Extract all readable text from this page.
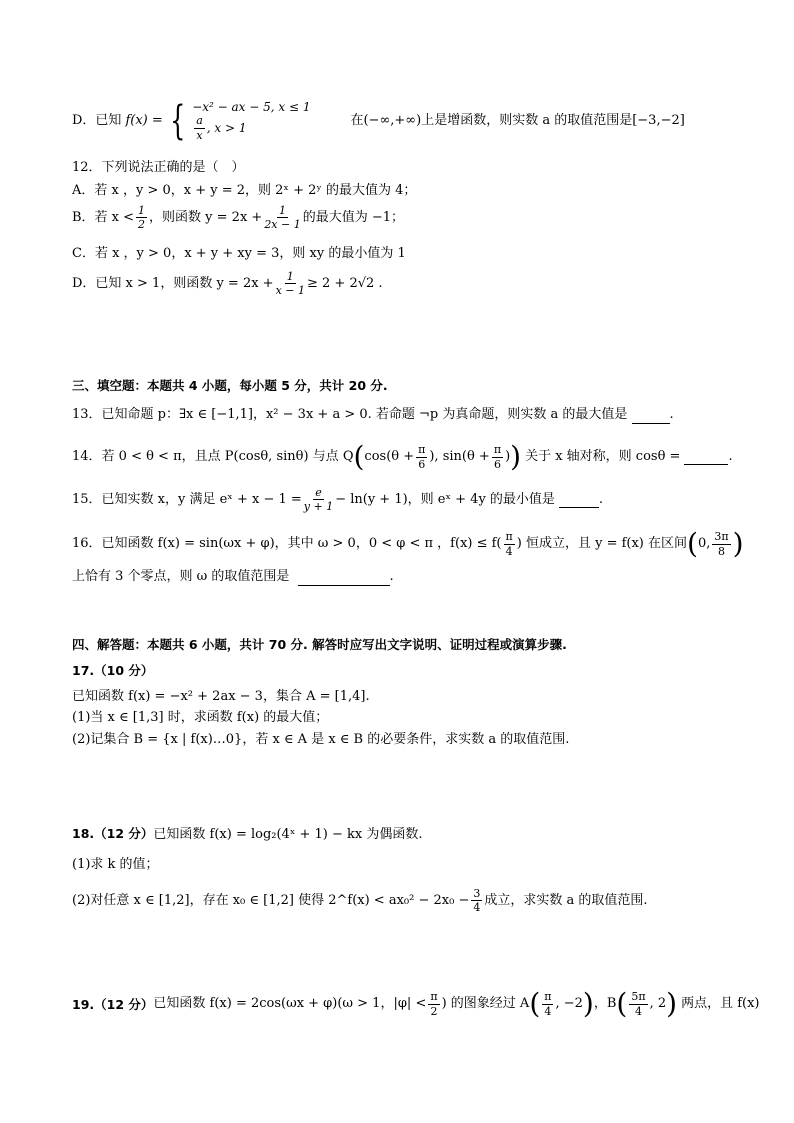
D．已知 f(x) = { −x² − ax − 5, x ≤ 1
$\frac{a}{x}$ , x > 1	在(−∞,+∞)上是增函数，则实数 a 的取值范围是[−3,−2]
12．下列说法正确的是（　）
A．若 x ，y > 0，x + y = 2，则 2ˣ + 2ʸ 的最大值为 4；
B．若 $x < \frac{1}{2}$ ，则函数 $y = 2x + \frac{1}{2x - 1}$ 的最大值为 −1；
C．若 x ，y > 0，x + y + xy = 3，则 xy 的最小值为 1
D．已知 x > 1，则函数 $y = 2x + \frac{1}{x - 1} \ge 2 + 2√2$ .
三、填空题：本题共 4 小题，每小题 5 分，共计 20 分.
13．已知命题 p：∃x ∈ [−1,1]，x² − 3x + a > 0. 若命题 ¬p 为真命题，则实数 a 的最大值是	.
14．若 0 < θ < π，且点 P(cosθ, sinθ) 与点 Q ( $\cos(\theta + \frac{\pi}{6}$ ), $\sin(\theta + \frac{\pi}{6}$ ) ) 关于 x 轴对称，则 cosθ =
	.
15．已知实数 x，y 满足 eˣ + $x - 1 = \frac{e}{y + 1} - \ln(y + 1)$，则 eˣ + 4y 的最小值是
	.
16．已知函数 f(x) = sin(ωx + φ)，其中 ω > 0，0 < φ < π ，$f(x) \le f( \frac{\pi}{4}$ ) 恒成立，且 y = f(x) 在区间 ( 0, $\frac{3\pi}{8}$ )
上恰有 3 个零点，则 ω 的取值范围是	.
四、解答题：本题共 6 小题，共计 70 分. 解答时应写出文字说明、证明过程或演算步骤.
17.（10 分）
已知函数 f(x) = −x² + 2ax − 3，集合 A = [1,4].
(1)当 x ∈ [1,3] 时，求函数 f(x) 的最大值；
(2)记集合 B = {x | f(x)…0}，若 x ∈ A 是 x ∈ B 的必要条件，求实数 a 的取值范围.
18.（12 分）已知函数 f(x) = log₂(4ˣ + 1) − kx 为偶函数.
(1)求 k 的值；
(2)对任意 x ∈ [1,2]，存在 x₀ ∈ [1,2] 使得 2^f(x) < $ax_0^2 - 2x_0 - \frac{3}{4}$ 成立，求实数 a 的取值范围.
19.（12 分） 已知函数 f(x) = 2cos(ωx + φ)(ω > 1，$|\varphi| < \frac{\pi}{2}$ ) 的图象经过 A ( $\frac{\pi}{4}$ , −2 ) ，B ( $\frac{5\pi}{4}$ , 2 ) 两点，且 f(x)
